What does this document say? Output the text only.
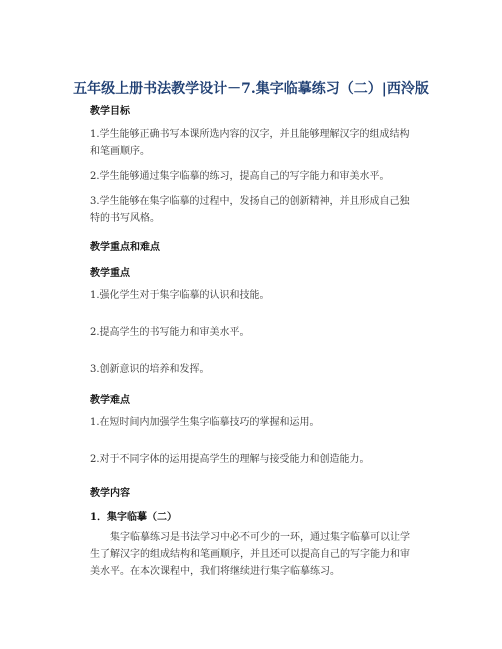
五年级上册书法教学设计－7.集字临摹练习（二）|西泠版
教学目标
1.学生能够正确书写本课所选内容的汉字，并且能够理解汉字的组成结构和笔画顺序。
2.学生能够通过集字临摹的练习，提高自己的写字能力和审美水平。
3.学生能够在集字临摹的过程中，发扬自己的创新精神，并且形成自己独特的书写风格。
教学重点和难点
教学重点
1.强化学生对于集字临摹的认识和技能。
2.提高学生的书写能力和审美水平。
3.创新意识的培养和发挥。
教学难点
1.在短时间内加强学生集字临摹技巧的掌握和运用。
2.对于不同字体的运用提高学生的理解与接受能力和创造能力。
教学内容
1．集字临摹（二）
集字临摹练习是书法学习中必不可少的一环，通过集字临摹可以让学生了解汉字的组成结构和笔画顺序，并且还可以提高自己的写字能力和审美水平。在本次课程中，我们将继续进行集字临摹练习。
